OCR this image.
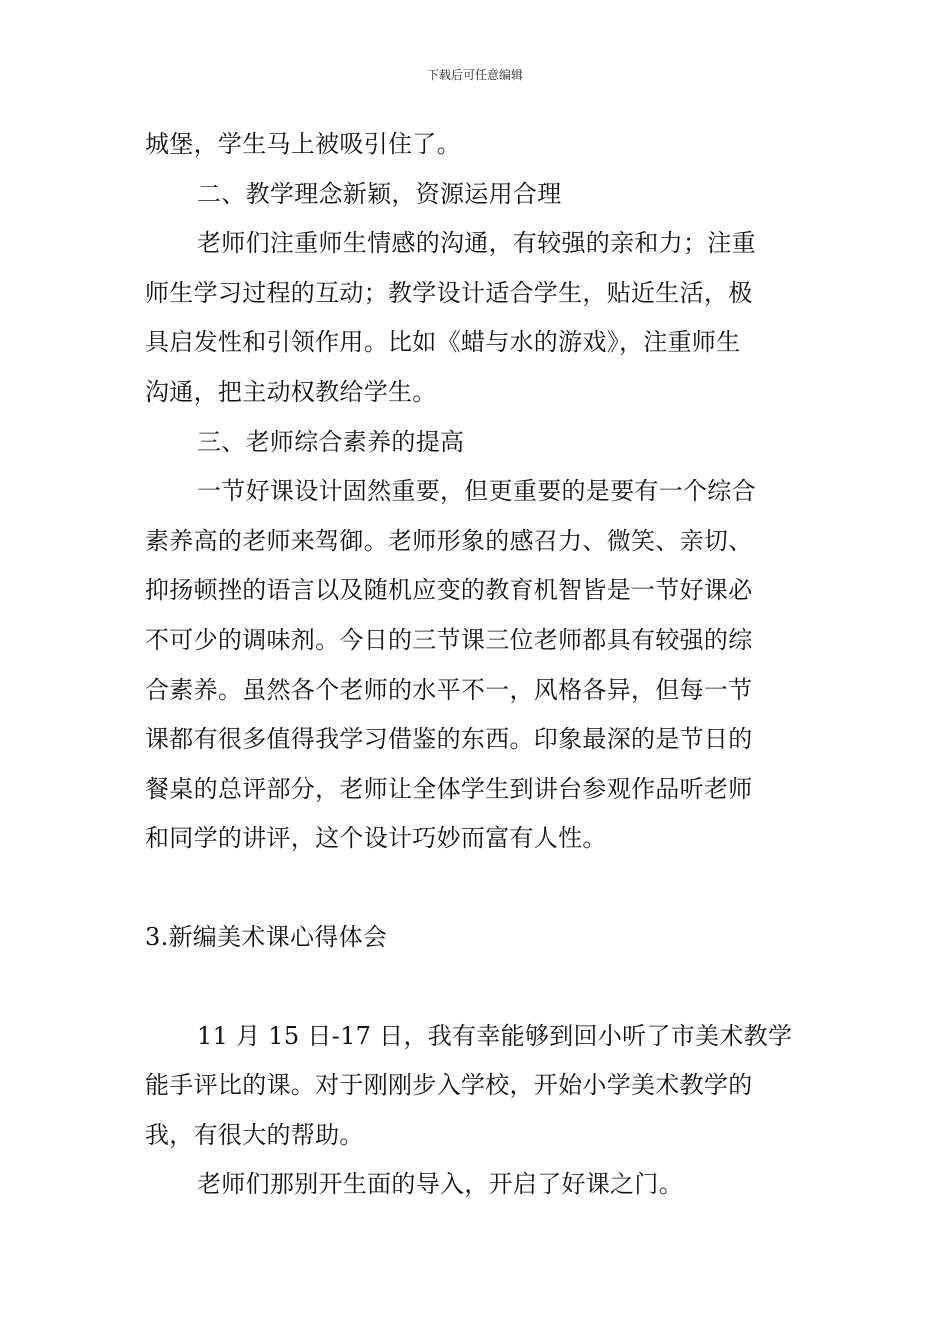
下载后可任意编辑
城堡，学生马上被吸引住了。
二、教学理念新颖，资源运用合理
老师们注重师生情感的沟通，有较强的亲和力；注重
师生学习过程的互动；教学设计适合学生，贴近生活，极
具启发性和引领作用。比如《蜡与水的游戏》，注重师生
沟通，把主动权教给学生。
三、老师综合素养的提高
一节好课设计固然重要，但更重要的是要有一个综合
素养高的老师来驾御。老师形象的感召力、微笑、亲切、
抑扬顿挫的语言以及随机应变的教育机智皆是一节好课必
不可少的调味剂。今日的三节课三位老师都具有较强的综
合素养。虽然各个老师的水平不一，风格各异，但每一节
课都有很多值得我学习借鉴的东西。印象最深的是节日的
餐桌的总评部分，老师让全体学生到讲台参观作品听老师
和同学的讲评，这个设计巧妙而富有人性。
3.新编美术课心得体会
11 月 15 日-17 日，我有幸能够到回小听了市美术教学
能手评比的课。对于刚刚步入学校，开始小学美术教学的
我，有很大的帮助。
老师们那别开生面的导入，开启了好课之门。
